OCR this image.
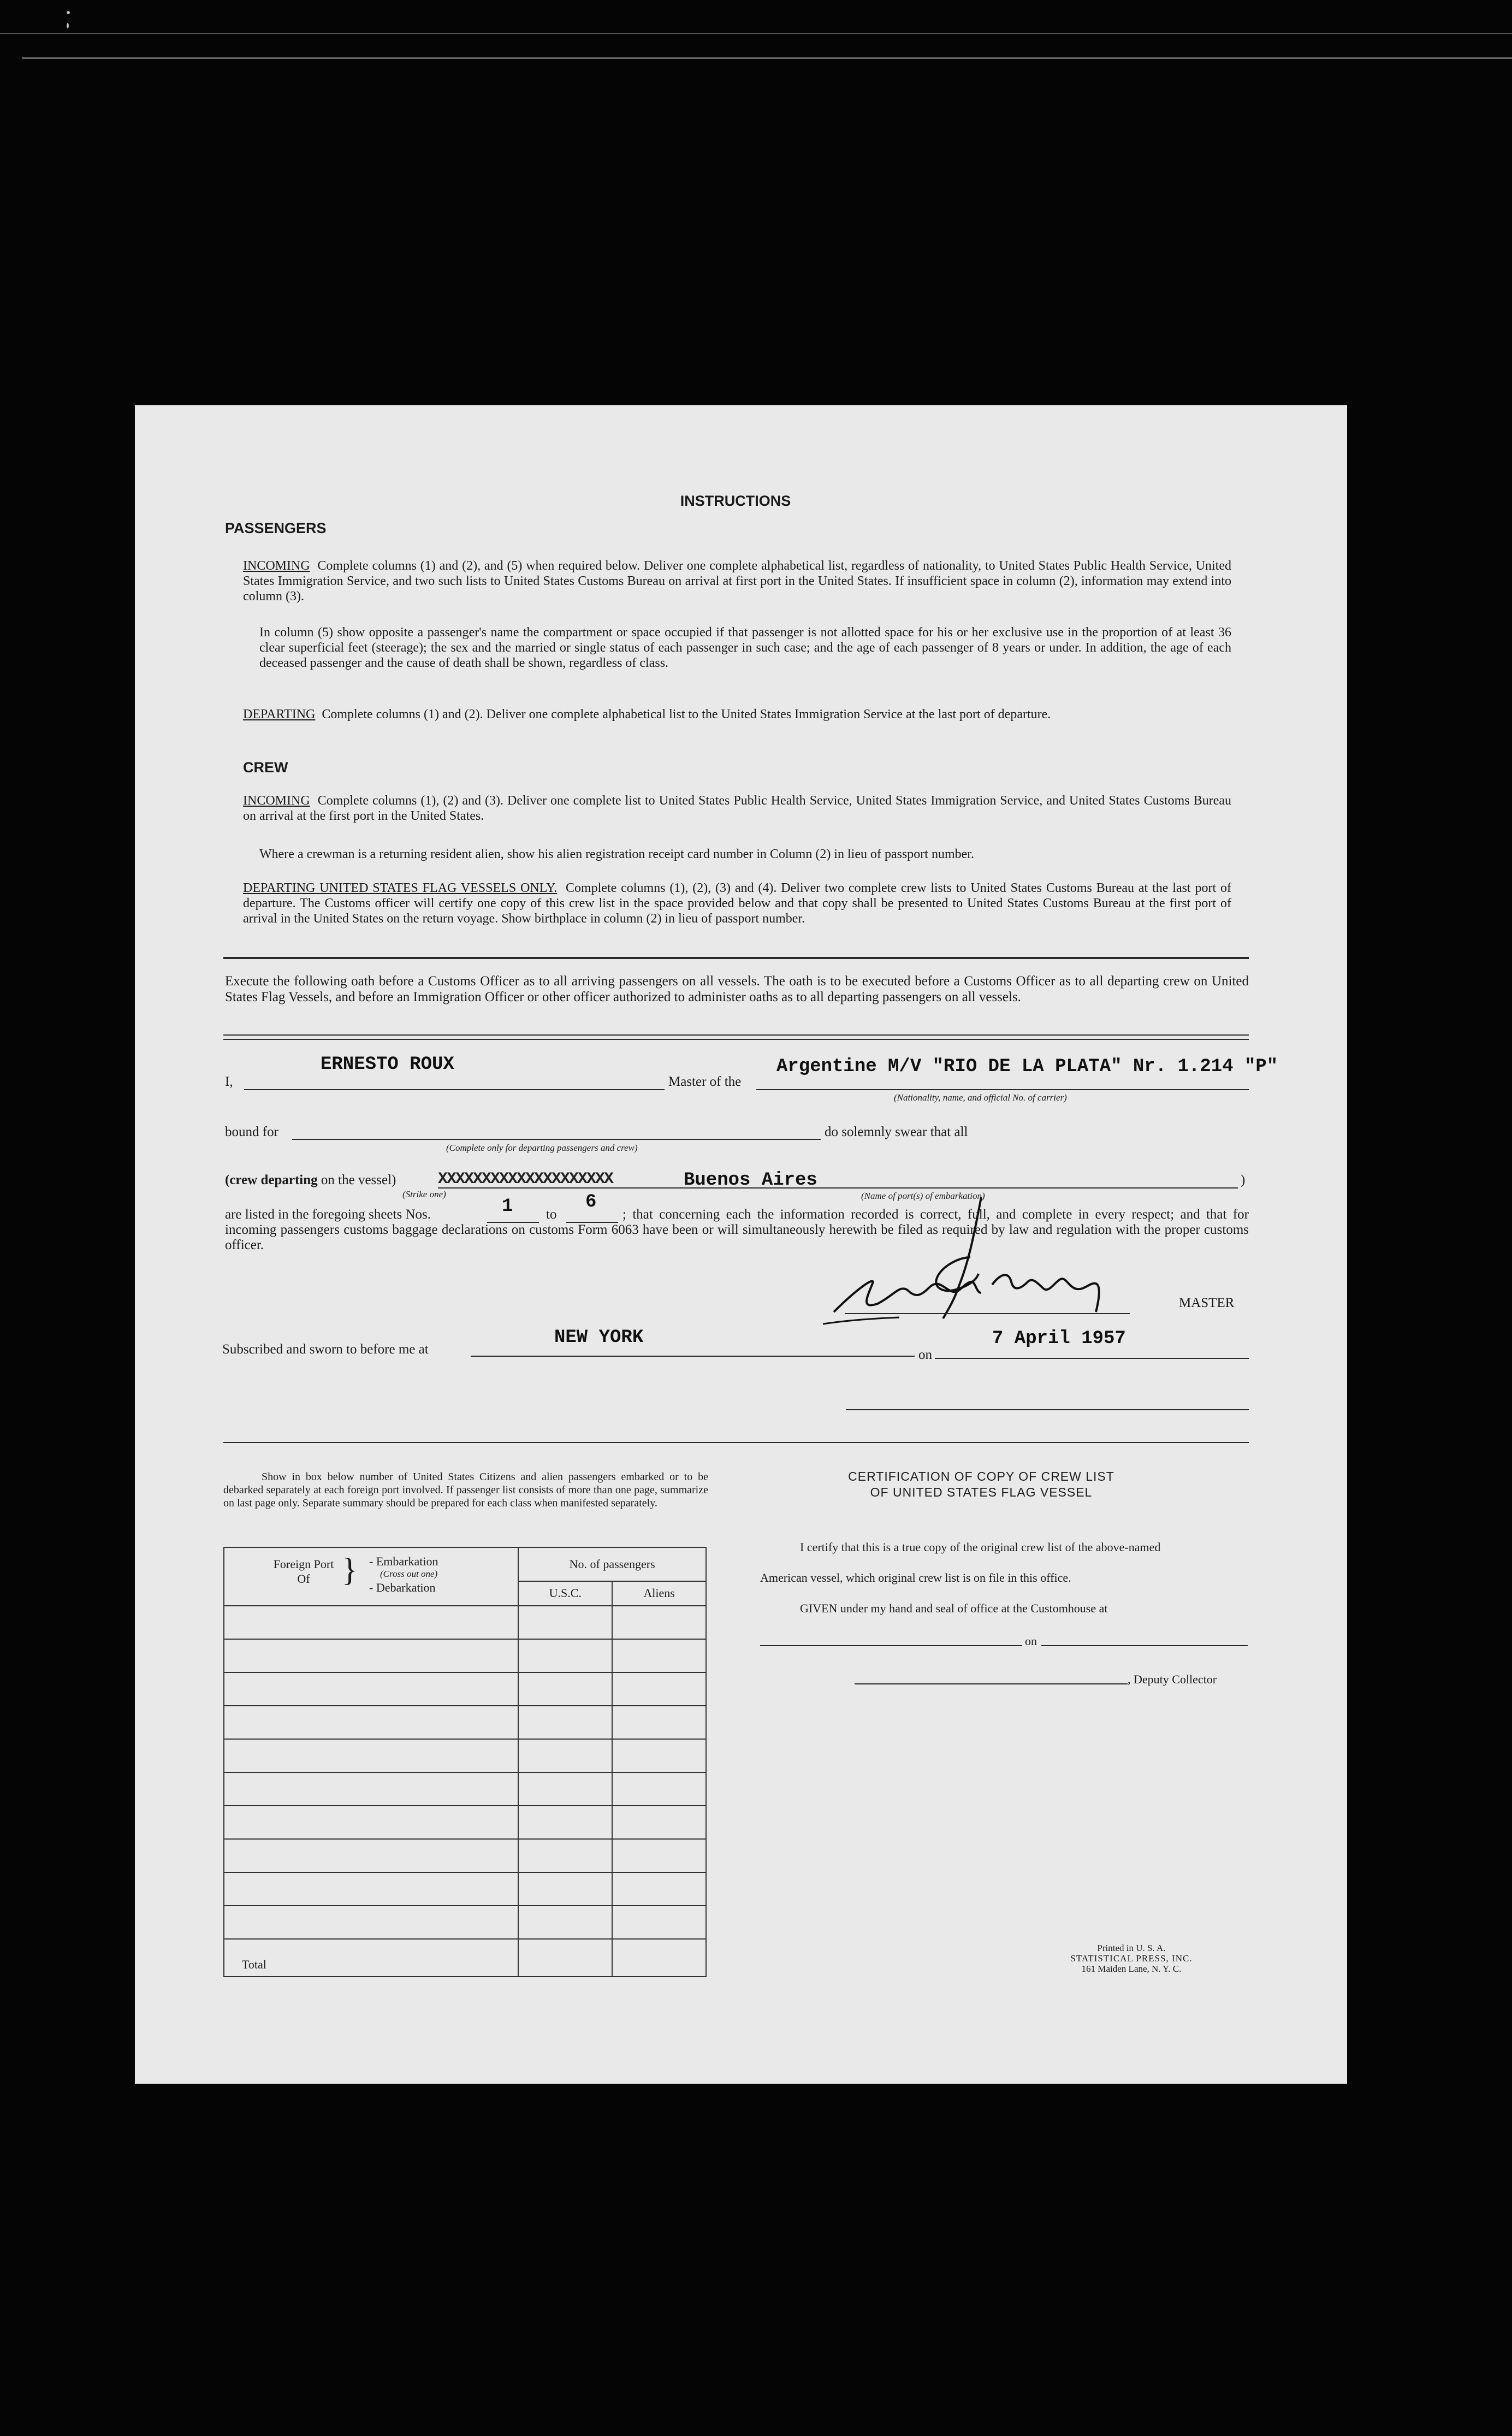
INSTRUCTIONS
PASSENGERS
INCOMING Complete columns (1) and (2), and (5) when required below. Deliver one complete alphabetical list, regardless of nationality, to United States Public Health Service, United States Immigration Service, and two such lists to United States Customs Bureau on arrival at first port in the United States. If insufficient space in column (2), information may extend into column (3).
In column (5) show opposite a passenger's name the compartment or space occupied if that passenger is not allotted space for his or her exclusive use in the proportion of at least 36 clear superficial feet (steerage); the sex and the married or single status of each passenger in such case; and the age of each passenger of 8 years or under. In addition, the age of each deceased passenger and the cause of death shall be shown, regardless of class.
DEPARTING Complete columns (1) and (2). Deliver one complete alphabetical list to the United States Immigration Service at the last port of departure.
CREW
INCOMING Complete columns (1), (2) and (3). Deliver one complete list to United States Public Health Service, United States Immigration Service, and United States Customs Bureau on arrival at the first port in the United States.
Where a crewman is a returning resident alien, show his alien registration receipt card number in Column (2) in lieu of passport number.
DEPARTING UNITED STATES FLAG VESSELS ONLY. Complete columns (1), (2), (3) and (4). Deliver two complete crew lists to United States Customs Bureau at the last port of departure. The Customs officer will certify one copy of this crew list in the space provided below and that copy shall be presented to United States Customs Bureau at the first port of arrival in the United States on the return voyage. Show birthplace in column (2) in lieu of passport number.
Execute the following oath before a Customs Officer as to all arriving passengers on all vessels. The oath is to be executed before a Customs Officer as to all departing crew on United States Flag Vessels, and before an Immigration Officer or other officer authorized to administer oaths as to all departing passengers on all vessels.
I,
ERNESTO ROUX
Master of the
Argentine M/V "RIO DE LA PLATA" Nr. 1.214 "P"
(Nationality, name, and official No. of carrier)
bound for
(Complete only for departing passengers and crew)
do solemnly swear that all
(crew departing on the vessel)	XXXXXXXXXXXXXXXXXXXX
(Strike one)
Buenos Aires
(Name of port(s) of embarkation)
)
are listed in the foregoing sheets Nos.	1 to
6
; that concerning each the information recorded is correct, full, and complete in every respect; and that for incoming passengers customs baggage declarations on customs Form 6063 have been or will simultaneously herewith be filed as required by law and regulation with the proper customs officer.
MASTER
Subscribed and sworn to before me at
NEW YORK
on
7 April 1957
Show in box below number of United States Citizens and alien passengers embarked or to be debarked separately at each foreign port involved. If passenger list consists of more than one page, summarize on last page only. Separate summary should be prepared for each class when manifested separately.
Foreign Port Of } - Embarkation
(Cross out one)
- Debarkation	No. of passengers	
	U.S.C.	Aliens

Total		
CERTIFICATION OF COPY OF CREW LIST
OF UNITED STATES FLAG VESSEL
I certify that this is a true copy of the original crew list of the above-named
American vessel, which original crew list is on file in this office.
GIVEN under my hand and seal of office at the Customhouse at
on
, Deputy Collector
Printed in U. S. A.
STATISTICAL PRESS, INC.
161 Maiden Lane, N. Y. C.
